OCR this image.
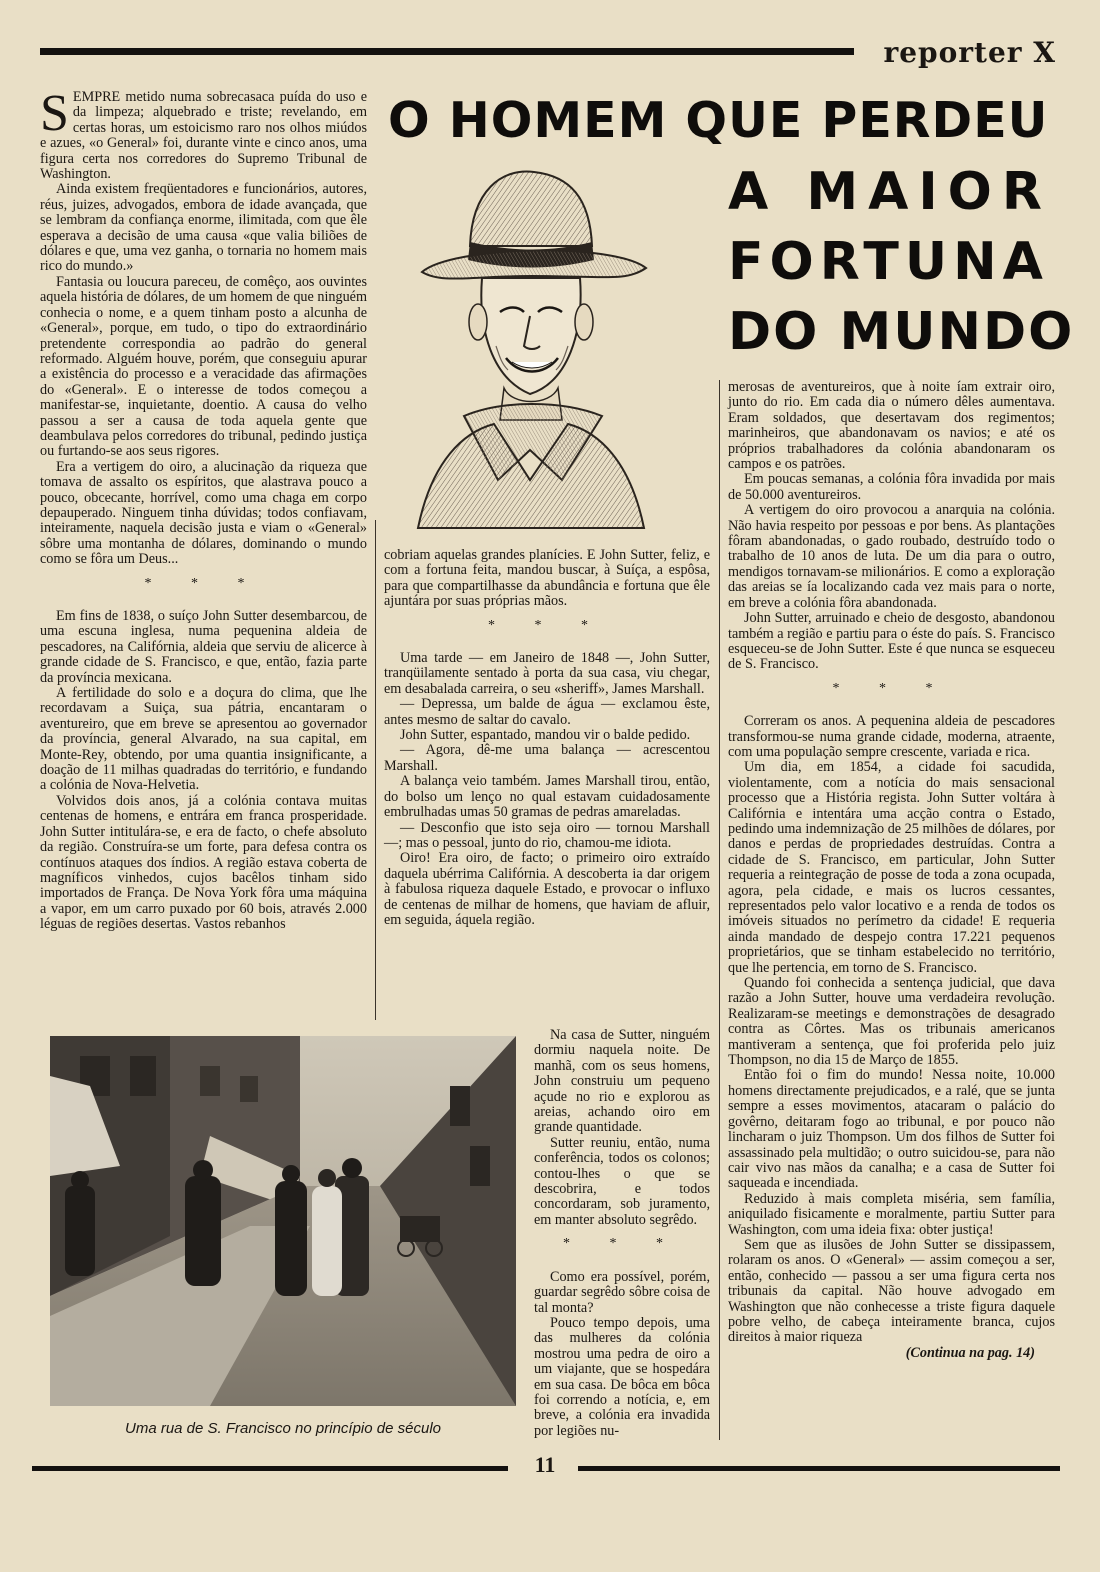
reporter X
O HOMEM QUE PERDEU
A MAIOR
FORTUNA
DO MUNDO

SEMPRE metido numa sobrecasaca puída do uso e da limpeza; alquebrado e triste; revelando, em certas horas, um estoicismo raro nos olhos miúdos e azues, «o General» foi, durante vinte e cinco anos, uma figura certa nos corredores do Supremo Tribunal de Washington.

Ainda existem freqüentadores e funcionários, autores, réus, juizes, advogados, embora de idade avançada, que se lembram da confiança enorme, ilimitada, com que êle esperava a decisão de uma causa «que valia biliões de dólares e que, uma vez ganha, o tornaria no homem mais rico do mundo.»

Fantasia ou loucura pareceu, de comêço, aos ouvintes aquela história de dólares, de um homem de que ninguém conhecia o nome, e a quem tinham posto a alcunha de «General», porque, em tudo, o tipo do extraordinário pretendente correspondia ao padrão do general reformado. Alguém houve, porém, que conseguiu apurar a existência do processo e a veracidade das afirmações do «General». E o interesse de todos começou a manifestar-se, inquietante, doentio. A causa do velho passou a ser a causa de toda aquela gente que deambulava pelos corredores do tribunal, pedindo justiça ou furtando-se aos seus rigores.

Era a vertigem do oiro, a alucinação da riqueza que tomava de assalto os espíritos, que alastrava pouco a pouco, obcecante, horrível, como uma chaga em corpo depauperado. Ninguem tinha dúvidas; todos confiavam, inteiramente, naquela decisão justa e viam o «General» sôbre uma montanha de dólares, dominando o mundo como se fôra um Deus...

* * *

Em fins de 1838, o suíço John Sutter desembarcou, de uma escuna inglesa, numa pequenina aldeia de pescadores, na Califórnia, aldeia que serviu de alicerce à grande cidade de S. Francisco, e que, então, fazia parte da província mexicana.

A fertilidade do solo e a doçura do clima, que lhe recordavam a Suiça, sua pátria, encantaram o aventureiro, que em breve se apresentou ao governador da província, general Alvarado, na sua capital, em Monte-Rey, obtendo, por uma quantia insignificante, a doação de 11 milhas quadradas do território, e fundando a colónia de Nova-Helvetia.

Volvidos dois anos, já a colónia contava muitas centenas de homens, e entrára em franca prosperidade. John Sutter intitulára-se, e era de facto, o chefe absoluto da região. Construíra-se um forte, para defesa contra os contínuos ataques dos índios. A região estava coberta de magníficos vinhedos, cujos bacêlos tinham sido importados de França. De Nova York fôra uma máquina a vapor, em um carro puxado por 60 bois, através 2.000 léguas de regiões desertas. Vastos rebanhos

cobriam aquelas grandes planícies. E John Sutter, feliz, e com a fortuna feita, mandou buscar, à Suíça, a espôsa, para que compartilhasse da abundância e fortuna que êle ajuntára por suas próprias mãos.

* * *

Uma tarde — em Janeiro de 1848 —, John Sutter, tranqüilamente sentado à porta da sua casa, viu chegar, em desabalada carreira, o seu «sheriff», James Marshall.

— Depressa, um balde de água — exclamou êste, antes mesmo de saltar do cavalo.

John Sutter, espantado, mandou vir o balde pedido.

— Agora, dê-me uma balança — acrescentou Marshall.

A balança veio também. James Marshall tirou, então, do bolso um lenço no qual estavam cuidadosamente embrulhadas umas 50 gramas de pedras amareladas.

— Desconfio que isto seja oiro — tornou Marshall —; mas o pessoal, junto do rio, chamou-me idiota.

Oiro! Era oiro, de facto; o primeiro oiro extraído daquela ubérrima Califórnia. A descoberta ia dar origem à fabulosa riqueza daquele Estado, e provocar o influxo de centenas de milhar de homens, que haviam de afluir, em seguida, áquela região.

Na casa de Sutter, ninguém dormiu naquela noite. De manhã, com os seus homens, John construiu um pequeno açude no rio e explorou as areias, achando oiro em grande quantidade.

Sutter reuniu, então, numa conferência, todos os colonos; contou-lhes o que se descobrira, e todos concordaram, sob juramento, em manter absoluto segrêdo.

* * *

Como era possível, porém, guardar segrêdo sôbre coisa de tal monta?

Pouco tempo depois, uma das mulheres da colónia mostrou uma pedra de oiro a um viajante, que se hospedára em sua casa. De bôca em bôca foi correndo a notícia, e, em breve, a colónia era invadida por legiões nu-

merosas de aventureiros, que à noite íam extrair oiro, junto do rio. Em cada dia o número dêles aumentava. Eram soldados, que desertavam dos regimentos; marinheiros, que abandonavam os navios; e até os próprios trabalhadores da colónia abandonaram os campos e os patrões.

Em poucas semanas, a colónia fôra invadida por mais de 50.000 aventureiros.

A vertigem do oiro provocou a anarquia na colónia. Não havia respeito por pessoas e por bens. As plantações fôram abandonadas, o gado roubado, destruído todo o trabalho de 10 anos de luta. De um dia para o outro, mendigos tornavam-se milionários. E como a exploração das areias se ía localizando cada vez mais para o norte, em breve a colónia fôra abandonada.

John Sutter, arruinado e cheio de desgosto, abandonou também a região e partiu para o éste do país. S. Francisco esqueceu-se de John Sutter. Este é que nunca se esqueceu de S. Francisco.

* * *

Correram os anos. A pequenina aldeia de pescadores transformou-se numa grande cidade, moderna, atraente, com uma população sempre crescente, variada e rica.

Um dia, em 1854, a cidade foi sacudida, violentamente, com a notícia do mais sensacional processo que a História regista. John Sutter voltára à Califórnia e intentára uma acção contra o Estado, pedindo uma indemnização de 25 milhões de dólares, por danos e perdas de propriedades destruídas. Contra a cidade de S. Francisco, em particular, John Sutter requeria a reintegração de posse de toda a zona ocupada, agora, pela cidade, e mais os lucros cessantes, representados pelo valor locativo e a renda de todos os imóveis situados no perímetro da cidade! E requeria ainda mandado de despejo contra 17.221 pequenos proprietários, que se tinham estabelecido no território, que lhe pertencia, em torno de S. Francisco.

Quando foi conhecida a sentença judicial, que dava razão a John Sutter, houve uma verdadeira revolução. Realizaram-se meetings e demonstrações de desagrado contra as Côrtes. Mas os tribunais americanos mantiveram a sentença, que foi proferida pelo juiz Thompson, no dia 15 de Março de 1855.

Então foi o fim do mundo! Nessa noite, 10.000 homens directamente prejudicados, e a ralé, que se junta sempre a esses movimentos, atacaram o palácio do govêrno, deitaram fogo ao tribunal, e por pouco não lincharam o juiz Thompson. Um dos filhos de Sutter foi assassinado pela multidão; o outro suicidou-se, para não cair vivo nas mãos da canalha; e a casa de Sutter foi saqueada e incendiada.

Reduzido à mais completa miséria, sem família, aniquilado fisicamente e moralmente, partiu Sutter para Washington, com uma ideia fixa: obter justiça!

Sem que as ilusões de John Sutter se dissipassem, rolaram os anos. O «General» — assim começou a ser, então, conhecido — passou a ser uma figura certa nos tribunais da capital. Não houve advogado em Washington que não conhecesse a triste figura daquele pobre velho, de cabeça inteiramente branca, cujos direitos à maior riqueza

(Continua na pag. 14)
Uma rua de S. Francisco no princípio de século
11
